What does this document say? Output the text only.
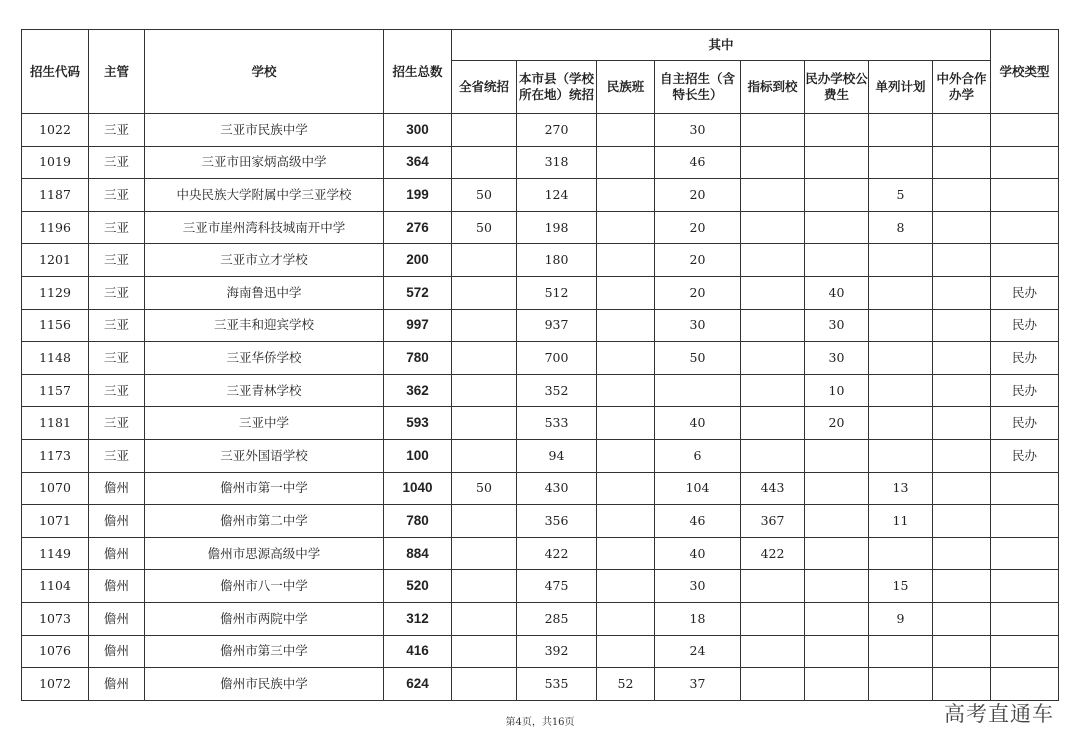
招生代码	主管	学校	招生总数	其中								学校类型
				全省统招	本市县（学校所在地）统招	民族班	自主招生（含特长生）	指标到校	民办学校公费生	单列计划	中外合作办学	
1022	三亚	三亚市民族中学	300		270		30					
1019	三亚	三亚市田家炳高级中学	364		318		46					
1187	三亚	中央民族大学附属中学三亚学校	199	50	124		20			5		
1196	三亚	三亚市崖州湾科技城南开中学	276	50	198		20			8		
1201	三亚	三亚市立才学校	200		180		20					
1129	三亚	海南鲁迅中学	572		512		20		40			民办
1156	三亚	三亚丰和迎宾学校	997		937		30		30			民办
1148	三亚	三亚华侨学校	780		700		50		30			民办
1157	三亚	三亚青林学校	362		352				10			民办
1181	三亚	三亚中学	593		533		40		20			民办
1173	三亚	三亚外国语学校	100		94		6					民办
1070	儋州	儋州市第一中学	1040	50	430		104	443		13		
1071	儋州	儋州市第二中学	780		356		46	367		11		
1149	儋州	儋州市思源高级中学	884		422		40	422				
1104	儋州	儋州市八一中学	520		475		30			15		
1073	儋州	儋州市两院中学	312		285		18			9		
1076	儋州	儋州市第三中学	416		392		24					
1072	儋州	儋州市民族中学	624		535	52	37					
第4页，共16页	高考直通车
